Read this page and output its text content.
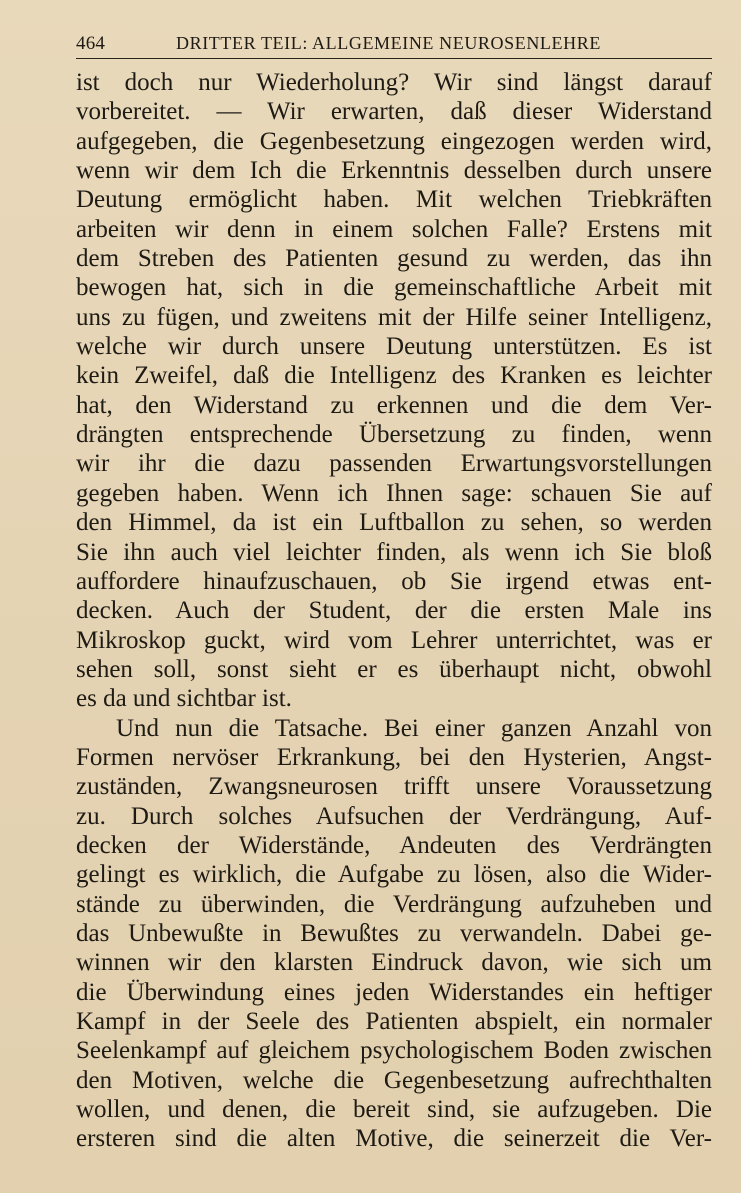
464	DRITTER TEIL: ALLGEMEINE NEUROSENLEHRE
ist doch nur Wiederholung? Wir sind längst darauf
vorbereitet. — Wir erwarten, daß dieser Widerstand
aufgegeben, die Gegenbesetzung eingezogen werden wird,
wenn wir dem Ich die Erkenntnis desselben durch unsere
Deutung ermöglicht haben. Mit welchen Triebkräften
arbeiten wir denn in einem solchen Falle? Erstens mit
dem Streben des Patienten gesund zu werden, das ihn
bewogen hat, sich in die gemeinschaftliche Arbeit mit
uns zu fügen, und zweitens mit der Hilfe seiner Intelligenz,
welche wir durch unsere Deutung unterstützen. Es ist
kein Zweifel, daß die Intelligenz des Kranken es leichter
hat, den Widerstand zu erkennen und die dem Ver-
drängten entsprechende Übersetzung zu finden, wenn
wir ihr die dazu passenden Erwartungsvorstellungen
gegeben haben. Wenn ich Ihnen sage: schauen Sie auf
den Himmel, da ist ein Luftballon zu sehen, so werden
Sie ihn auch viel leichter finden, als wenn ich Sie bloß
auffordere hinaufzuschauen, ob Sie irgend etwas ent-
decken. Auch der Student, der die ersten Male ins
Mikroskop guckt, wird vom Lehrer unterrichtet, was er
sehen soll, sonst sieht er es überhaupt nicht, obwohl
es da und sichtbar ist.
Und nun die Tatsache. Bei einer ganzen Anzahl von
Formen nervöser Erkrankung, bei den Hysterien, Angst-
zuständen, Zwangsneurosen trifft unsere Voraussetzung
zu. Durch solches Aufsuchen der Verdrängung, Auf-
decken der Widerstände, Andeuten des Verdrängten
gelingt es wirklich, die Aufgabe zu lösen, also die Wider-
stände zu überwinden, die Verdrängung aufzuheben und
das Unbewußte in Bewußtes zu verwandeln. Dabei ge-
winnen wir den klarsten Eindruck davon, wie sich um
die Überwindung eines jeden Widerstandes ein heftiger
Kampf in der Seele des Patienten abspielt, ein normaler
Seelenkampf auf gleichem psychologischem Boden zwischen
den Motiven, welche die Gegenbesetzung aufrechthalten
wollen, und denen, die bereit sind, sie aufzugeben. Die
ersteren sind die alten Motive, die seinerzeit die Ver-
